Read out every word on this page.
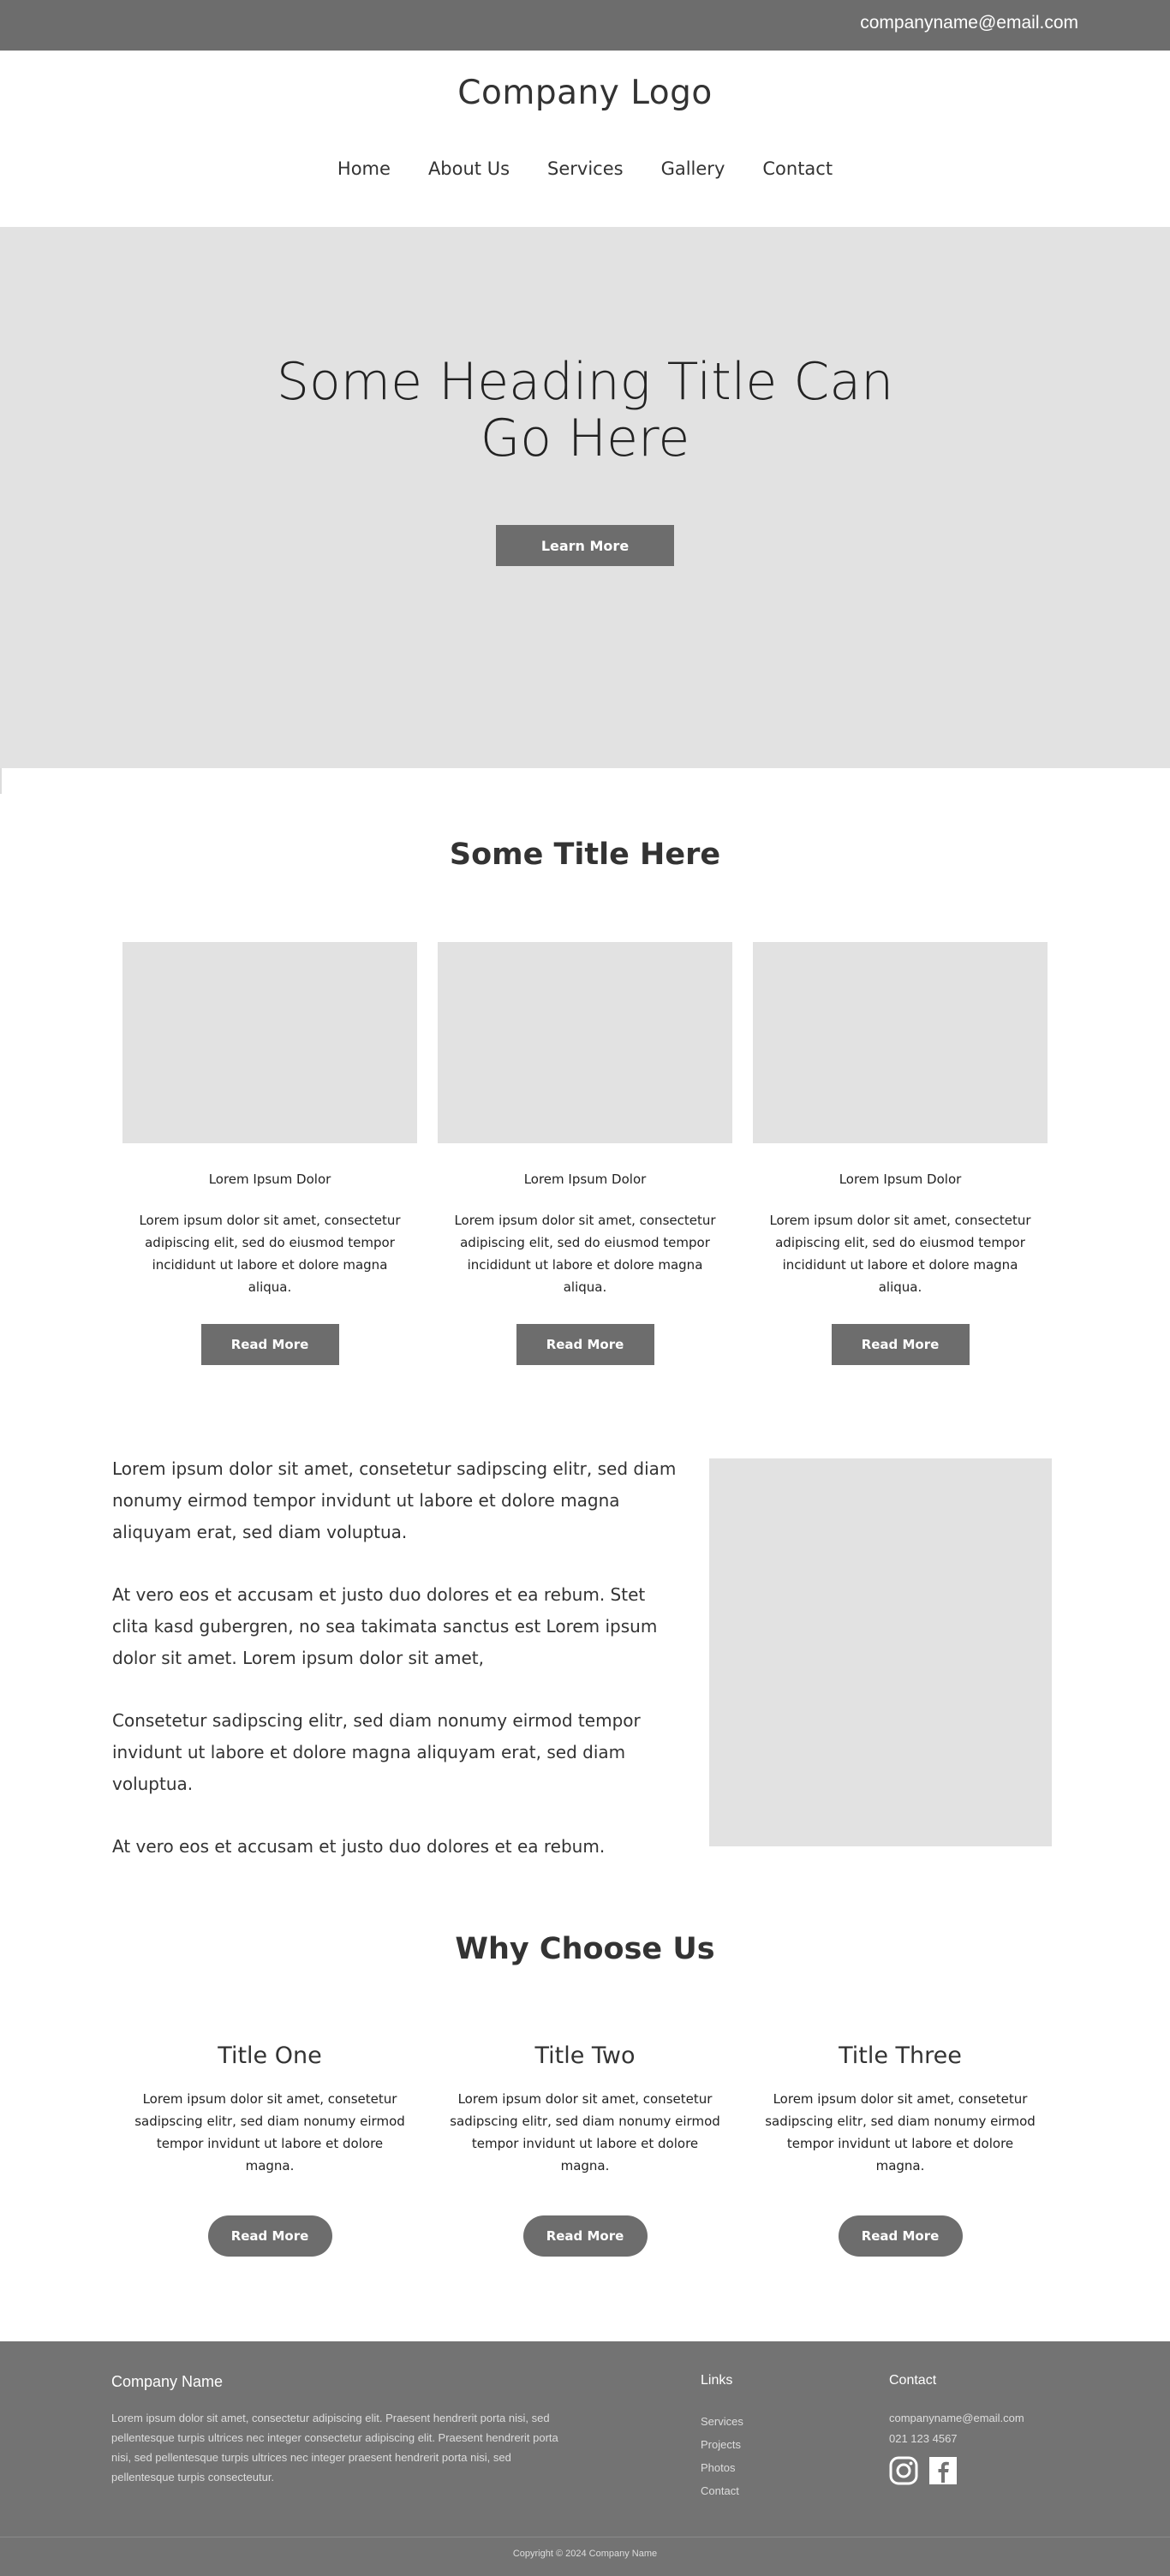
companyname@email.com
Company Logo
Home About Us Services Gallery Contact
Some Heading Title Can Go Here
Learn More
Some Title Here
Lorem Ipsum Dolor
Lorem ipsum dolor sit amet, consectetur adipiscing elit, sed do eiusmod tempor incididunt ut labore et dolore magna aliqua.
Read More
Lorem Ipsum Dolor
Lorem ipsum dolor sit amet, consectetur adipiscing elit, sed do eiusmod tempor incididunt ut labore et dolore magna aliqua.
Read More
Lorem Ipsum Dolor
Lorem ipsum dolor sit amet, consectetur adipiscing elit, sed do eiusmod tempor incididunt ut labore et dolore magna aliqua.
Read More

Lorem ipsum dolor sit amet, consetetur sadipscing elitr, sed diam nonumy eirmod tempor invidunt ut labore et dolore magna aliquyam erat, sed diam voluptua.

At vero eos et accusam et justo duo dolores et ea rebum. Stet clita kasd gubergren, no sea takimata sanctus est Lorem ipsum dolor sit amet. Lorem ipsum dolor sit amet,

Consetetur sadipscing elitr, sed diam nonumy eirmod tempor invidunt ut labore et dolore magna aliquyam erat, sed diam voluptua.

At vero eos et accusam et justo duo dolores et ea rebum.

Why Choose Us
Title One
Lorem ipsum dolor sit amet, consetetur sadipscing elitr, sed diam nonumy eirmod tempor invidunt ut labore et dolore magna.
Read More
Title Two
Lorem ipsum dolor sit amet, consetetur sadipscing elitr, sed diam nonumy eirmod tempor invidunt ut labore et dolore magna.
Read More
Title Three
Lorem ipsum dolor sit amet, consetetur sadipscing elitr, sed diam nonumy eirmod tempor invidunt ut labore et dolore magna.
Read More
Company Name
Lorem ipsum dolor sit amet, consectetur adipiscing elit. Praesent hendrerit porta nisi, sed pellentesque turpis ultrices nec integer consectetur adipiscing elit. Praesent hendrerit porta nisi, sed pellentesque turpis ultrices nec integer praesent hendrerit porta nisi, sed pellentesque turpis consecteutur.
Links
Services
Projects
Photos
Contact
Contact
companyname@email.com
021 123 4567
Copyright © 2024 Company Name
